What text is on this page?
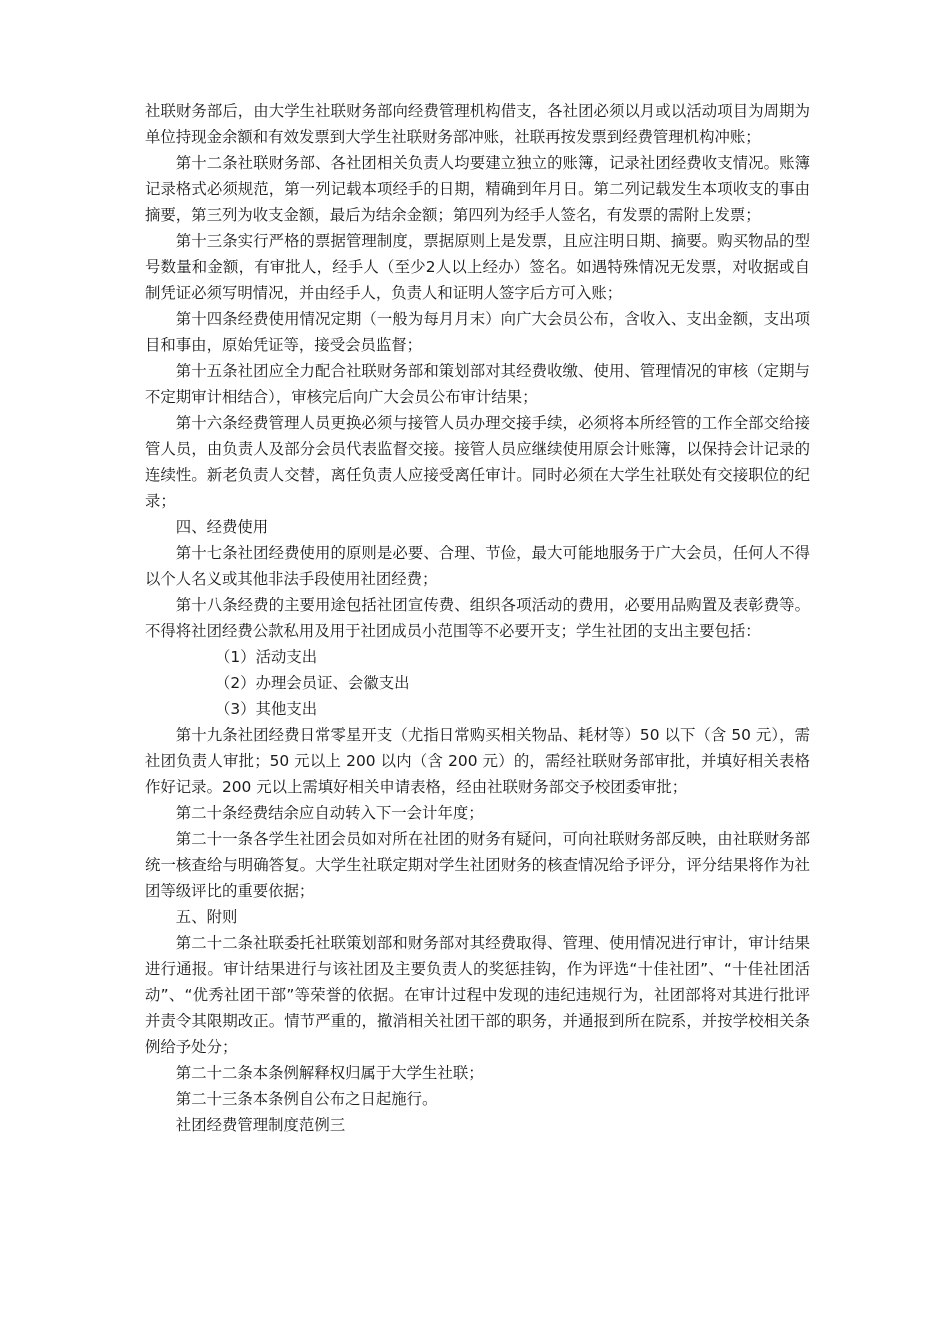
社联财务部后，由大学生社联财务部向经费管理机构借支，各社团必须以月或以活动项目为周期为单位持现金余额和有效发票到大学生社联财务部冲账，社联再按发票到经费管理机构冲账；

第十二条社联财务部、各社团相关负责人均要建立独立的账簿，记录社团经费收支情况。账簿记录格式必须规范，第一列记载本项经手的日期，精确到年月日。第二列记载发生本项收支的事由摘要，第三列为收支金额，最后为结余金额；第四列为经手人签名，有发票的需附上发票；

第十三条实行严格的票据管理制度，票据原则上是发票，且应注明日期、摘要。购买物品的型号数量和金额，有审批人，经手人（至少2人以上经办）签名。如遇特殊情况无发票，对收据或自制凭证必须写明情况，并由经手人，负责人和证明人签字后方可入账；

第十四条经费使用情况定期（一般为每月月末）向广大会员公布，含收入、支出金额，支出项目和事由，原始凭证等，接受会员监督；

第十五条社团应全力配合社联财务部和策划部对其经费收缴、使用、管理情况的审核（定期与不定期审计相结合），审核完后向广大会员公布审计结果；

第十六条经费管理人员更换必须与接管人员办理交接手续，必须将本所经管的工作全部交给接管人员，由负责人及部分会员代表监督交接。接管人员应继续使用原会计账簿，以保持会计记录的连续性。新老负责人交替，离任负责人应接受离任审计。同时必须在大学生社联处有交接职位的纪录；

四、经费使用

第十七条社团经费使用的原则是必要、合理、节俭，最大可能地服务于广大会员，任何人不得以个人名义或其他非法手段使用社团经费；

第十八条经费的主要用途包括社团宣传费、组织各项活动的费用，必要用品购置及表彰费等。不得将社团经费公款私用及用于社团成员小范围等不必要开支；学生社团的支出主要包括：

（1）活动支出

（2）办理会员证、会徽支出

（3）其他支出

第十九条社团经费日常零星开支（尤指日常购买相关物品、耗材等）50 以下（含 50 元），需社团负责人审批；50 元以上 200 以内（含 200 元）的，需经社联财务部审批，并填好相关表格作好记录。200 元以上需填好相关申请表格，经由社联财务部交予校团委审批；

第二十条经费结余应自动转入下一会计年度；

第二十一条各学生社团会员如对所在社团的财务有疑问，可向社联财务部反映，由社联财务部统一核查给与明确答复。大学生社联定期对学生社团财务的核查情况给予评分，评分结果将作为社团等级评比的重要依据；

五、附则

第二十二条社联委托社联策划部和财务部对其经费取得、管理、使用情况进行审计，审计结果进行通报。审计结果进行与该社团及主要负责人的奖惩挂钩，作为评选“十佳社团”、“十佳社团活动”、“优秀社团干部”等荣誉的依据。在审计过程中发现的违纪违规行为，社团部将对其进行批评并责令其限期改正。情节严重的，撤消相关社团干部的职务，并通报到所在院系，并按学校相关条例给予处分；

第二十二条本条例解释权归属于大学生社联；

第二十三条本条例自公布之日起施行。

社团经费管理制度范例三
